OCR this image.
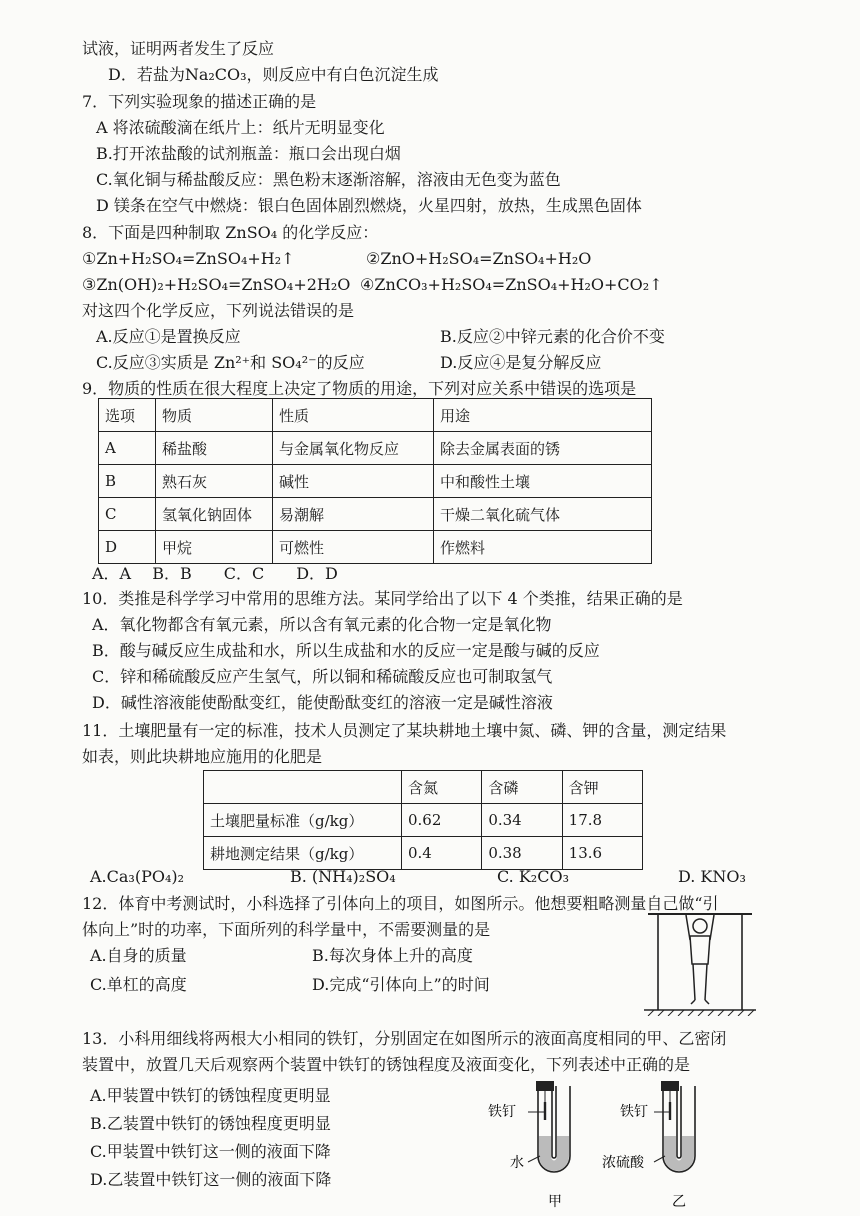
试液，证明两者发生了反应
D．若盐为Na₂CO₃，则反应中有白色沉淀生成
7．下列实验现象的描述正确的是
A 将浓硫酸滴在纸片上：纸片无明显变化
B.打开浓盐酸的试剂瓶盖：瓶口会出现白烟
C.氧化铜与稀盐酸反应：黑色粉末逐渐溶解，溶液由无色变为蓝色
D 镁条在空气中燃烧：银白色固体剧烈燃烧，火星四射，放热，生成黑色固体
8．下面是四种制取 ZnSO₄ 的化学反应：
①Zn+H₂SO₄=ZnSO₄+H₂↑	②ZnO+H₂SO₄=ZnSO₄+H₂O
③Zn(OH)₂+H₂SO₄=ZnSO₄+2H₂O ④ZnCO₃+H₂SO₄=ZnSO₄+H₂O+CO₂↑
对这四个化学反应，下列说法错误的是
A.反应①是置换反应	B.反应②中锌元素的化合价不变
C.反应③实质是 Zn²⁺和 SO₄²⁻的反应	D.反应④是复分解反应
9．物质的性质在很大程度上决定了物质的用途，下列对应关系中错误的选项是
选项	物质	性质	用途
A	稀盐酸	与金属氧化物反应	除去金属表面的锈
B	熟石灰	碱性	中和酸性土壤
C	氢氧化钠固体	易潮解	干燥二氧化硫气体
D	甲烷	可燃性	作燃料
A．A　 B．B　　C．C　　D．D
10．类推是科学学习中常用的思维方法。某同学给出了以下 4 个类推，结果正确的是
A．氧化物都含有氧元素，所以含有氧元素的化合物一定是氧化物
B．酸与碱反应生成盐和水，所以生成盐和水的反应一定是酸与碱的反应
C．锌和稀硫酸反应产生氢气，所以铜和稀硫酸反应也可制取氢气
D．碱性溶液能使酚酞变红，能使酚酞变红的溶液一定是碱性溶液
11．土壤肥量有一定的标准，技术人员测定了某块耕地土壤中氮、磷、钾的含量，测定结果
如表，则此块耕地应施用的化肥是
	含氮	含磷	含钾
土壤肥量标准（g/kg）	0.62	0.34	17.8
耕地测定结果（g/kg）	0.4	0.38	13.6
A.Ca₃(PO₄)₂	B. (NH₄)₂SO₄	C. K₂CO₃	D. KNO₃
12．体育中考测试时，小科选择了引体向上的项目，如图所示。他想要粗略测量自己做“引
体向上”时的功率，下面所列的科学量中，不需要测量的是
A.自身的质量	B.每次身体上升的高度
C.单杠的高度	D.完成“引体向上”的时间
13．小科用细线将两根大小相同的铁钉，分别固定在如图所示的液面高度相同的甲、乙密闭
装置中，放置几天后观察两个装置中铁钉的锈蚀程度及液面变化，下列表述中正确的是
A.甲装置中铁钉的锈蚀程度更明显
B.乙装置中铁钉的锈蚀程度更明显
C.甲装置中铁钉这一侧的液面下降
D.乙装置中铁钉这一侧的液面下降
铁钉	铁钉
水	浓硫酸
甲	乙
